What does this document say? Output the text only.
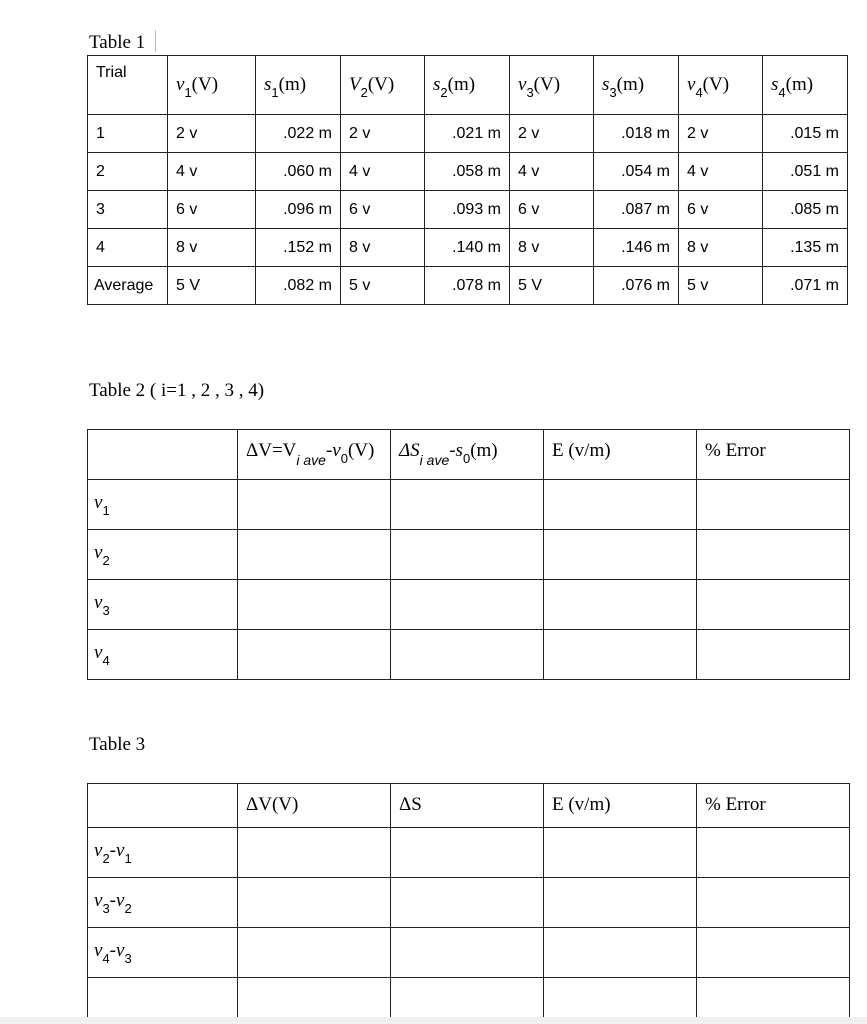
Table 1
Trial	$v_1(V)$	$s_1(m)$	$V_2(V)$	$s_2(m)$	$v_3(V)$	$s_3(m)$	$v_4(V)$	$s_4(m)$
1	2 v	.022 m	2 v	.021 m	2 v	.018 m	2 v	.015 m
2	4 v	.060 m	4 v	.058 m	4 v	.054 m	4 v	.051 m
3	6 v	.096 m	6 v	.093 m	6 v	.087 m	6 v	.085 m
4	8 v	.152 m	8 v	.140 m	8 v	.146 m	8 v	.135 m
Average	5 V	.082 m	5 v	.078 m	5 V	.076 m	5 v	.071 m
Table 2 ( i=1 , 2 , 3 , 4)
	$\Delta V=V_{i ave}-v_0(V)$	$\Delta S_{i ave}-s_0(m)$	E (v/m)	% Error
$v_1$				
$v_2$				
$v_3$				
$v_4$				
Table 3
	ΔV(V)	ΔS	E (v/m)	% Error
$v_2-v_1$				
$v_3-v_2$				
$v_4-v_3$				
